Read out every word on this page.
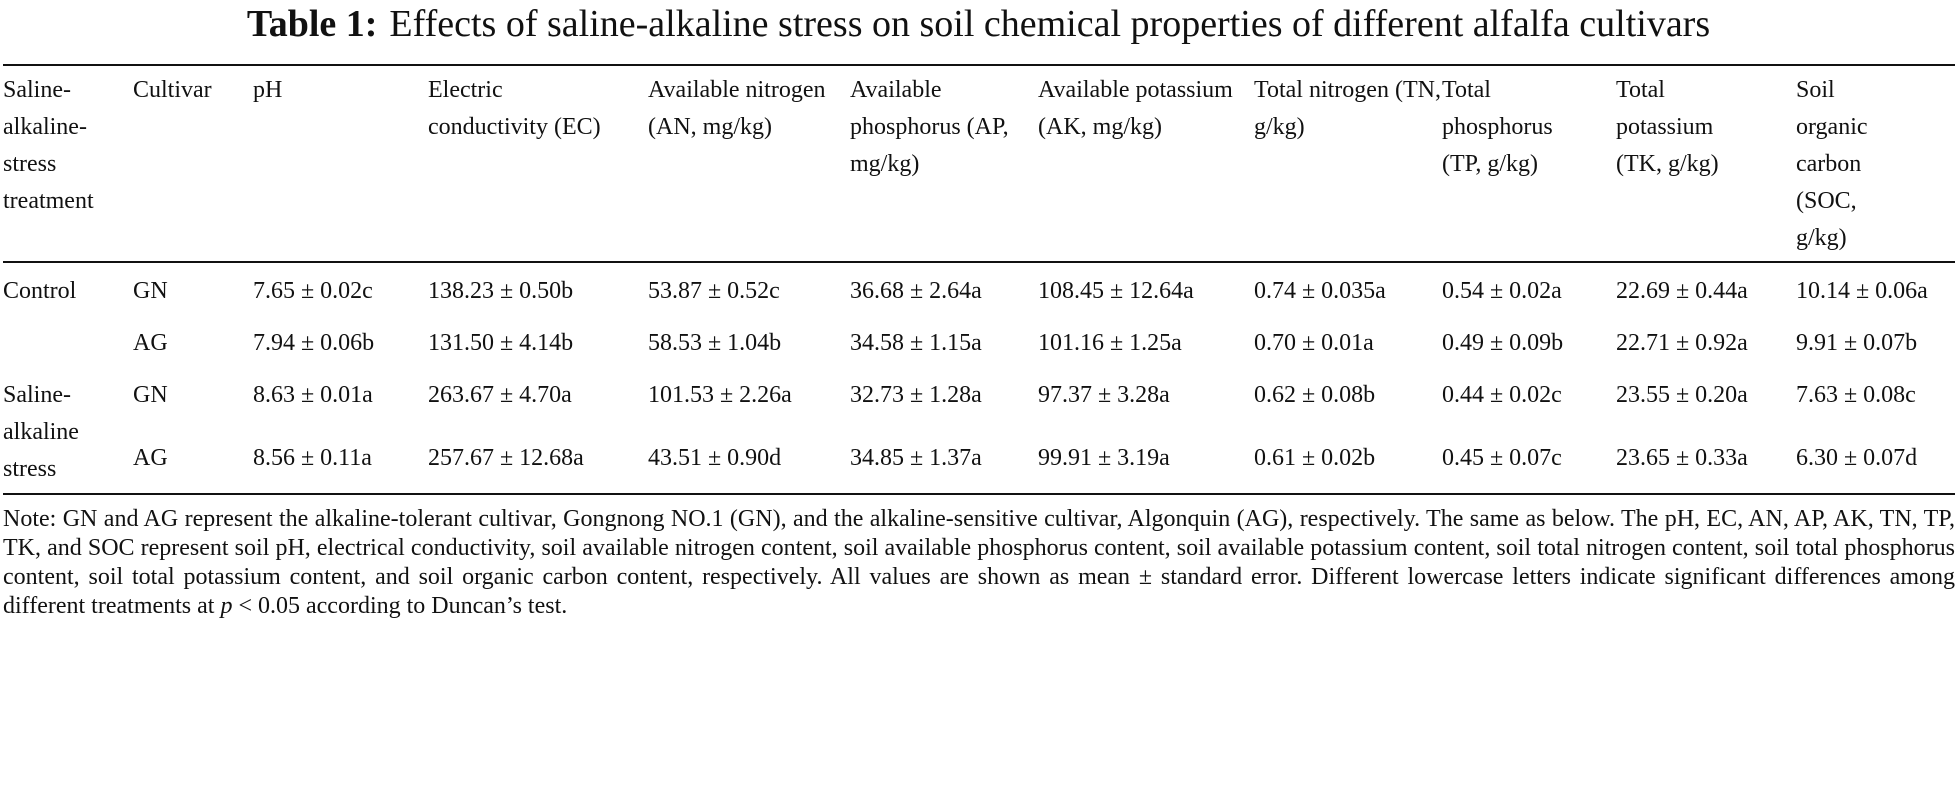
Table 1: Effects of saline-alkaline stress on soil chemical properties of different alfalfa cultivars
Saline-alkaline-stress treatment	Cultivar	pH	Electric conductivity (EC)	Available nitrogen (AN, mg/kg)	Available phosphorus (AP, mg/kg)	Available potassium (AK, mg/kg)	Total nitrogen (TN, g/kg)	Total phosphorus (TP, g/kg)	Total potassium (TK, g/kg)	Soil organic carbon (SOC, g/kg)
Control	GN	7.65 ± 0.02c	138.23 ± 0.50b	53.87 ± 0.52c	36.68 ± 2.64a	108.45 ± 12.64a	0.74 ± 0.035a	0.54 ± 0.02a	22.69 ± 0.44a	10.14 ± 0.06a
	AG	7.94 ± 0.06b	131.50 ± 4.14b	58.53 ± 1.04b	34.58 ± 1.15a	101.16 ± 1.25a	0.70 ± 0.01a	0.49 ± 0.09b	22.71 ± 0.92a	9.91 ± 0.07b
Saline-alkaline stress	GN	8.63 ± 0.01a	263.67 ± 4.70a	101.53 ± 2.26a	32.73 ± 1.28a	97.37 ± 3.28a	0.62 ± 0.08b	0.44 ± 0.02c	23.55 ± 0.20a	7.63 ± 0.08c
	AG	8.56 ± 0.11a	257.67 ± 12.68a	43.51 ± 0.90d	34.85 ± 1.37a	99.91 ± 3.19a	0.61 ± 0.02b	0.45 ± 0.07c	23.65 ± 0.33a	6.30 ± 0.07d

Note: GN and AG represent the alkaline-tolerant cultivar, Gongnong NO.1 (GN), and the alkaline-sensitive cultivar, Algonquin (AG), respectively. The same as below. The pH, EC, AN, AP, AK, TN, TP, TK, and SOC represent soil pH, electrical conductivity, soil available nitrogen content, soil available phosphorus content, soil available potassium content, soil total nitrogen content, soil total phosphorus content, soil total potassium content, and soil organic carbon content, respectively. All values are shown as mean ± standard error. Different lowercase letters indicate significant differences among different treatments at p < 0.05 according to Duncan’s test.
